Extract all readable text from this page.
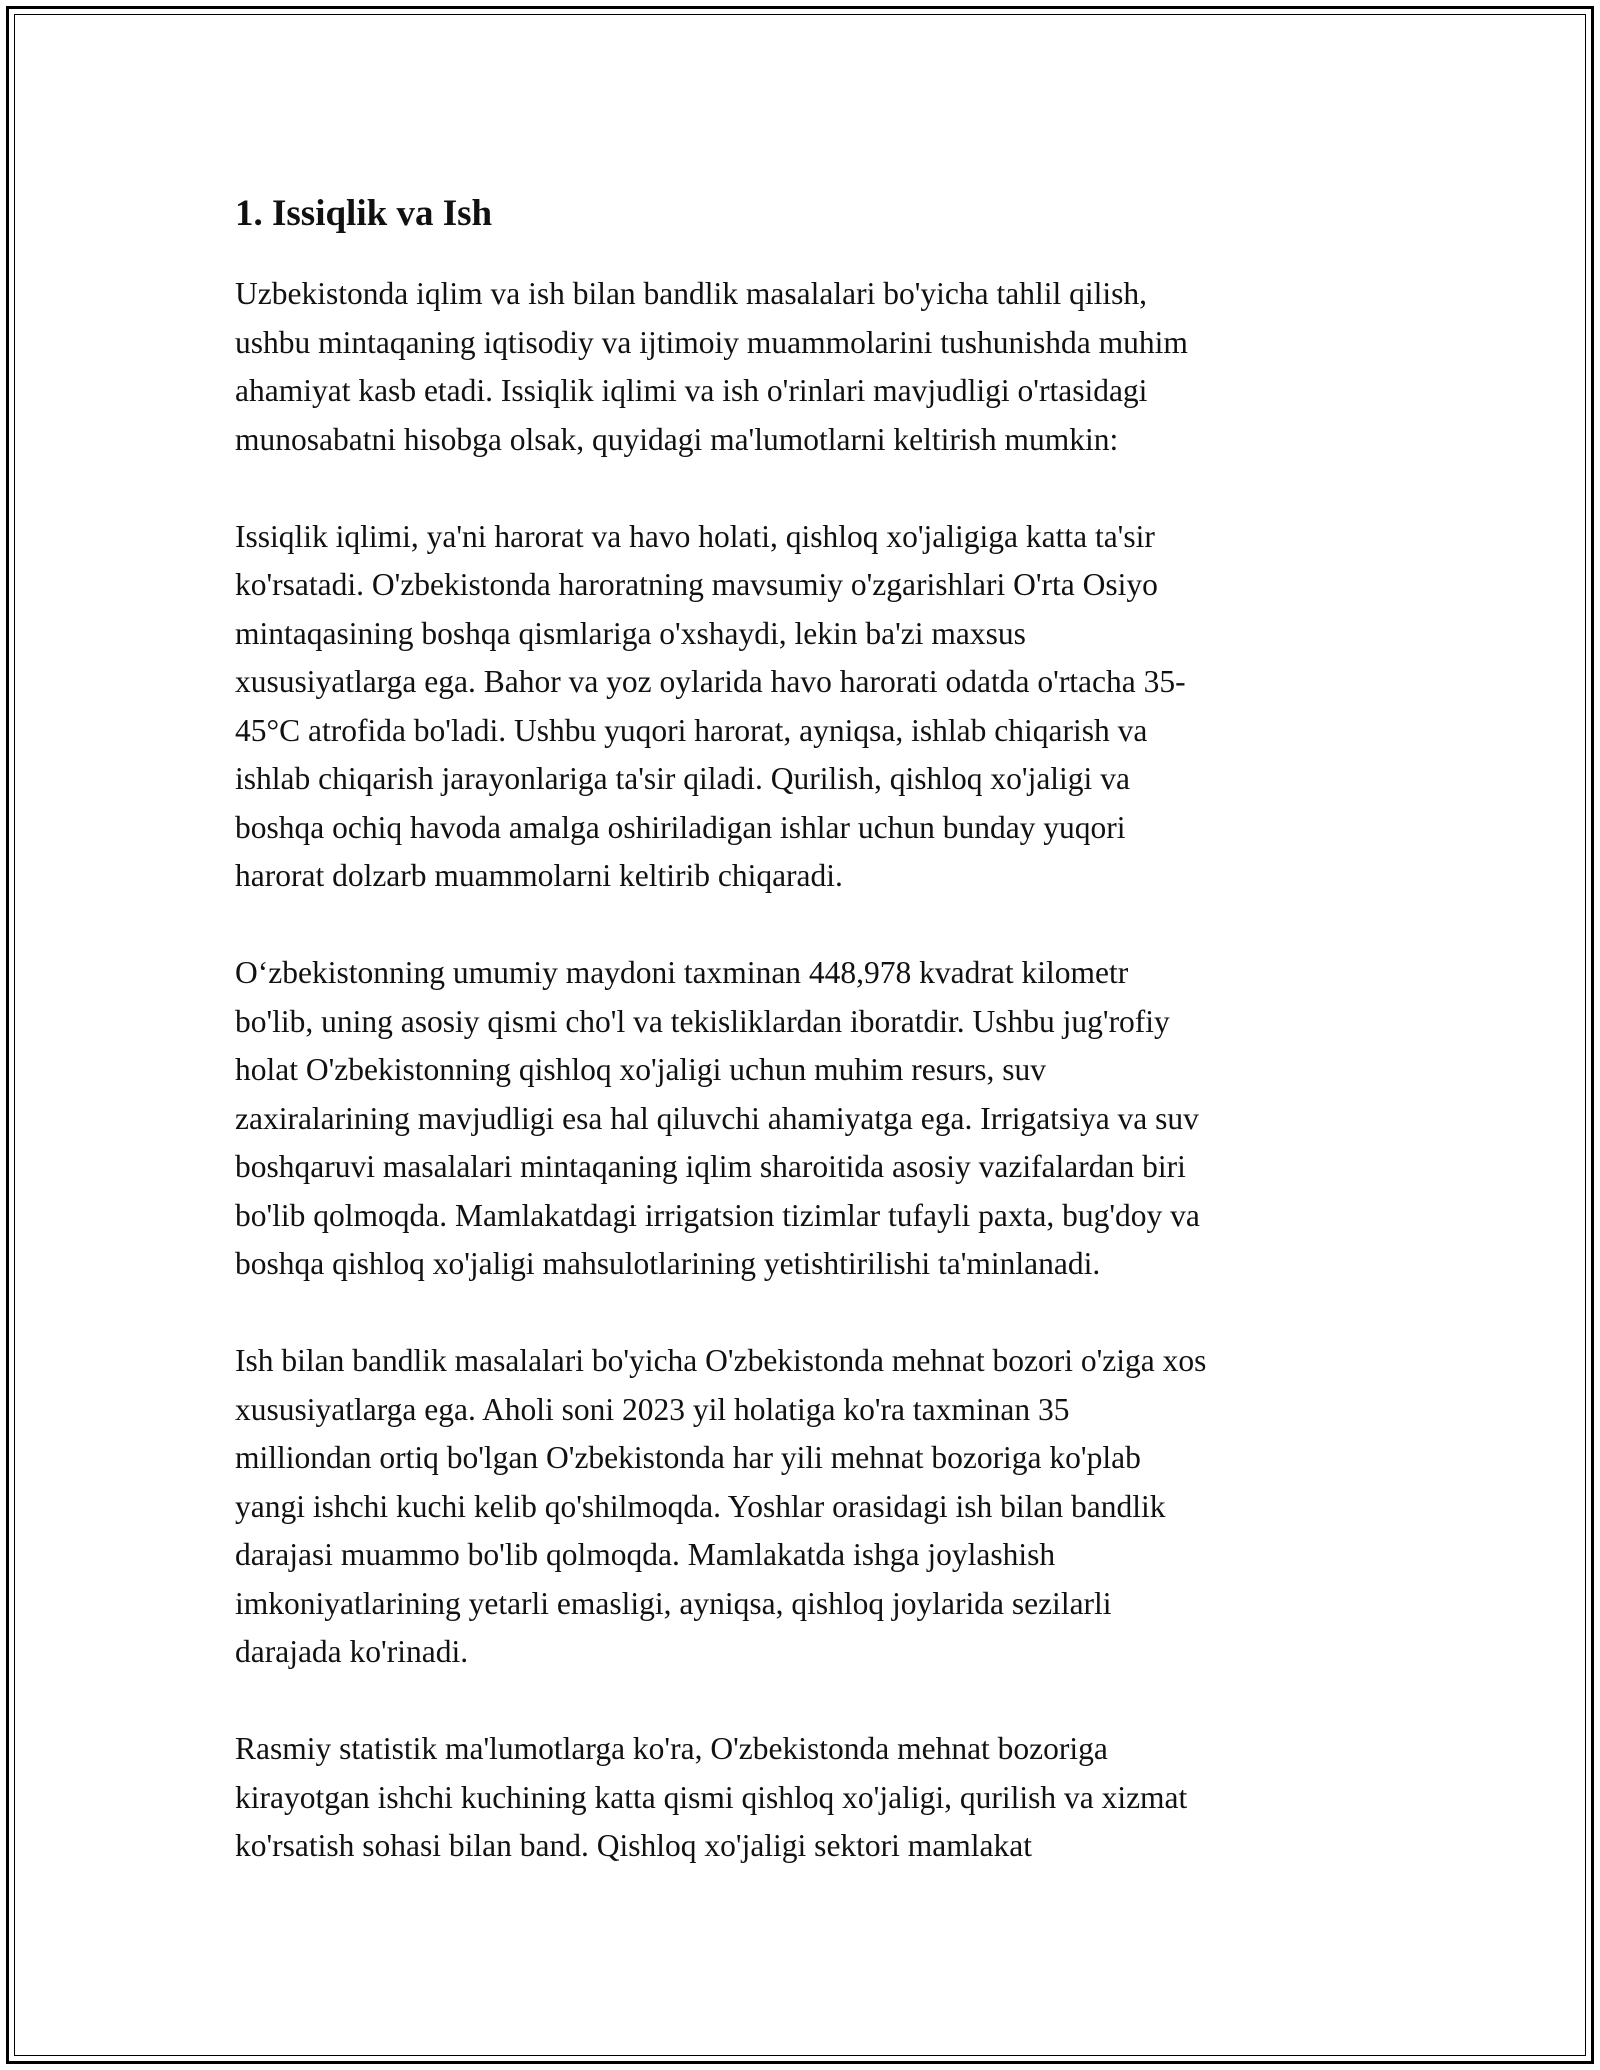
1. Issiqlik va Ish

Uzbekistonda iqlim va ish bilan bandlik masalalari bo'yicha tahlil qilish,
ushbu mintaqaning iqtisodiy va ijtimoiy muammolarini tushunishda muhim
ahamiyat kasb etadi. Issiqlik iqlimi va ish o'rinlari mavjudligi o'rtasidagi
munosabatni hisobga olsak, quyidagi ma'lumotlarni keltirish mumkin:

Issiqlik iqlimi, ya'ni harorat va havo holati, qishloq xo'jaligiga katta ta'sir
ko'rsatadi. O'zbekistonda haroratning mavsumiy o'zgarishlari O'rta Osiyo
mintaqasining boshqa qismlariga o'xshaydi, lekin ba'zi maxsus
xususiyatlarga ega. Bahor va yoz oylarida havo harorati odatda o'rtacha 35-
45°C atrofida bo'ladi. Ushbu yuqori harorat, ayniqsa, ishlab chiqarish va
ishlab chiqarish jarayonlariga ta'sir qiladi. Qurilish, qishloq xo'jaligi va
boshqa ochiq havoda amalga oshiriladigan ishlar uchun bunday yuqori
harorat dolzarb muammolarni keltirib chiqaradi.

O‘zbekistonning umumiy maydoni taxminan 448,978 kvadrat kilometr
bo'lib, uning asosiy qismi cho'l va tekisliklardan iboratdir. Ushbu jug'rofiy
holat O'zbekistonning qishloq xo'jaligi uchun muhim resurs, suv
zaxiralarining mavjudligi esa hal qiluvchi ahamiyatga ega. Irrigatsiya va suv
boshqaruvi masalalari mintaqaning iqlim sharoitida asosiy vazifalardan biri
bo'lib qolmoqda. Mamlakatdagi irrigatsion tizimlar tufayli paxta, bug'doy va
boshqa qishloq xo'jaligi mahsulotlarining yetishtirilishi ta'minlanadi.

Ish bilan bandlik masalalari bo'yicha O'zbekistonda mehnat bozori o'ziga xos
xususiyatlarga ega. Aholi soni 2023 yil holatiga ko'ra taxminan 35
milliondan ortiq bo'lgan O'zbekistonda har yili mehnat bozoriga ko'plab
yangi ishchi kuchi kelib qo'shilmoqda. Yoshlar orasidagi ish bilan bandlik
darajasi muammo bo'lib qolmoqda. Mamlakatda ishga joylashish
imkoniyatlarining yetarli emasligi, ayniqsa, qishloq joylarida sezilarli
darajada ko'rinadi.

Rasmiy statistik ma'lumotlarga ko'ra, O'zbekistonda mehnat bozoriga
kirayotgan ishchi kuchining katta qismi qishloq xo'jaligi, qurilish va xizmat
ko'rsatish sohasi bilan band. Qishloq xo'jaligi sektori mamlakat
